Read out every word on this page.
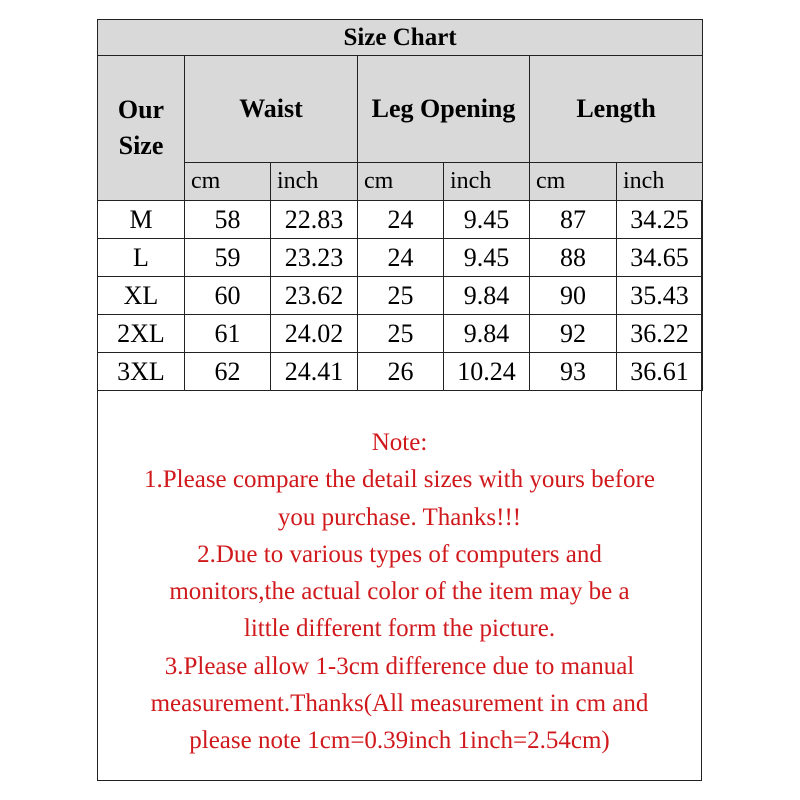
Size Chart						
Our Size	Waist		Leg Opening		Length	
	cm	inch	cm	inch	cm	inch
M	58	22.83	24	9.45	87	34.25
L	59	23.23	24	9.45	88	34.65
XL	60	23.62	25	9.84	90	35.43
2XL	61	24.02	25	9.84	92	36.22
3XL	62	24.41	26	10.24	93	36.61
Note:
1.Please compare the detail sizes with yours before
you purchase. Thanks!!!
2.Due to various types of computers and
monitors,the actual color of the item may be a
little different form the picture.
3.Please allow 1-3cm difference due to manual
measurement.Thanks(All measurement in cm and
please note 1cm=0.39inch 1inch=2.54cm)
